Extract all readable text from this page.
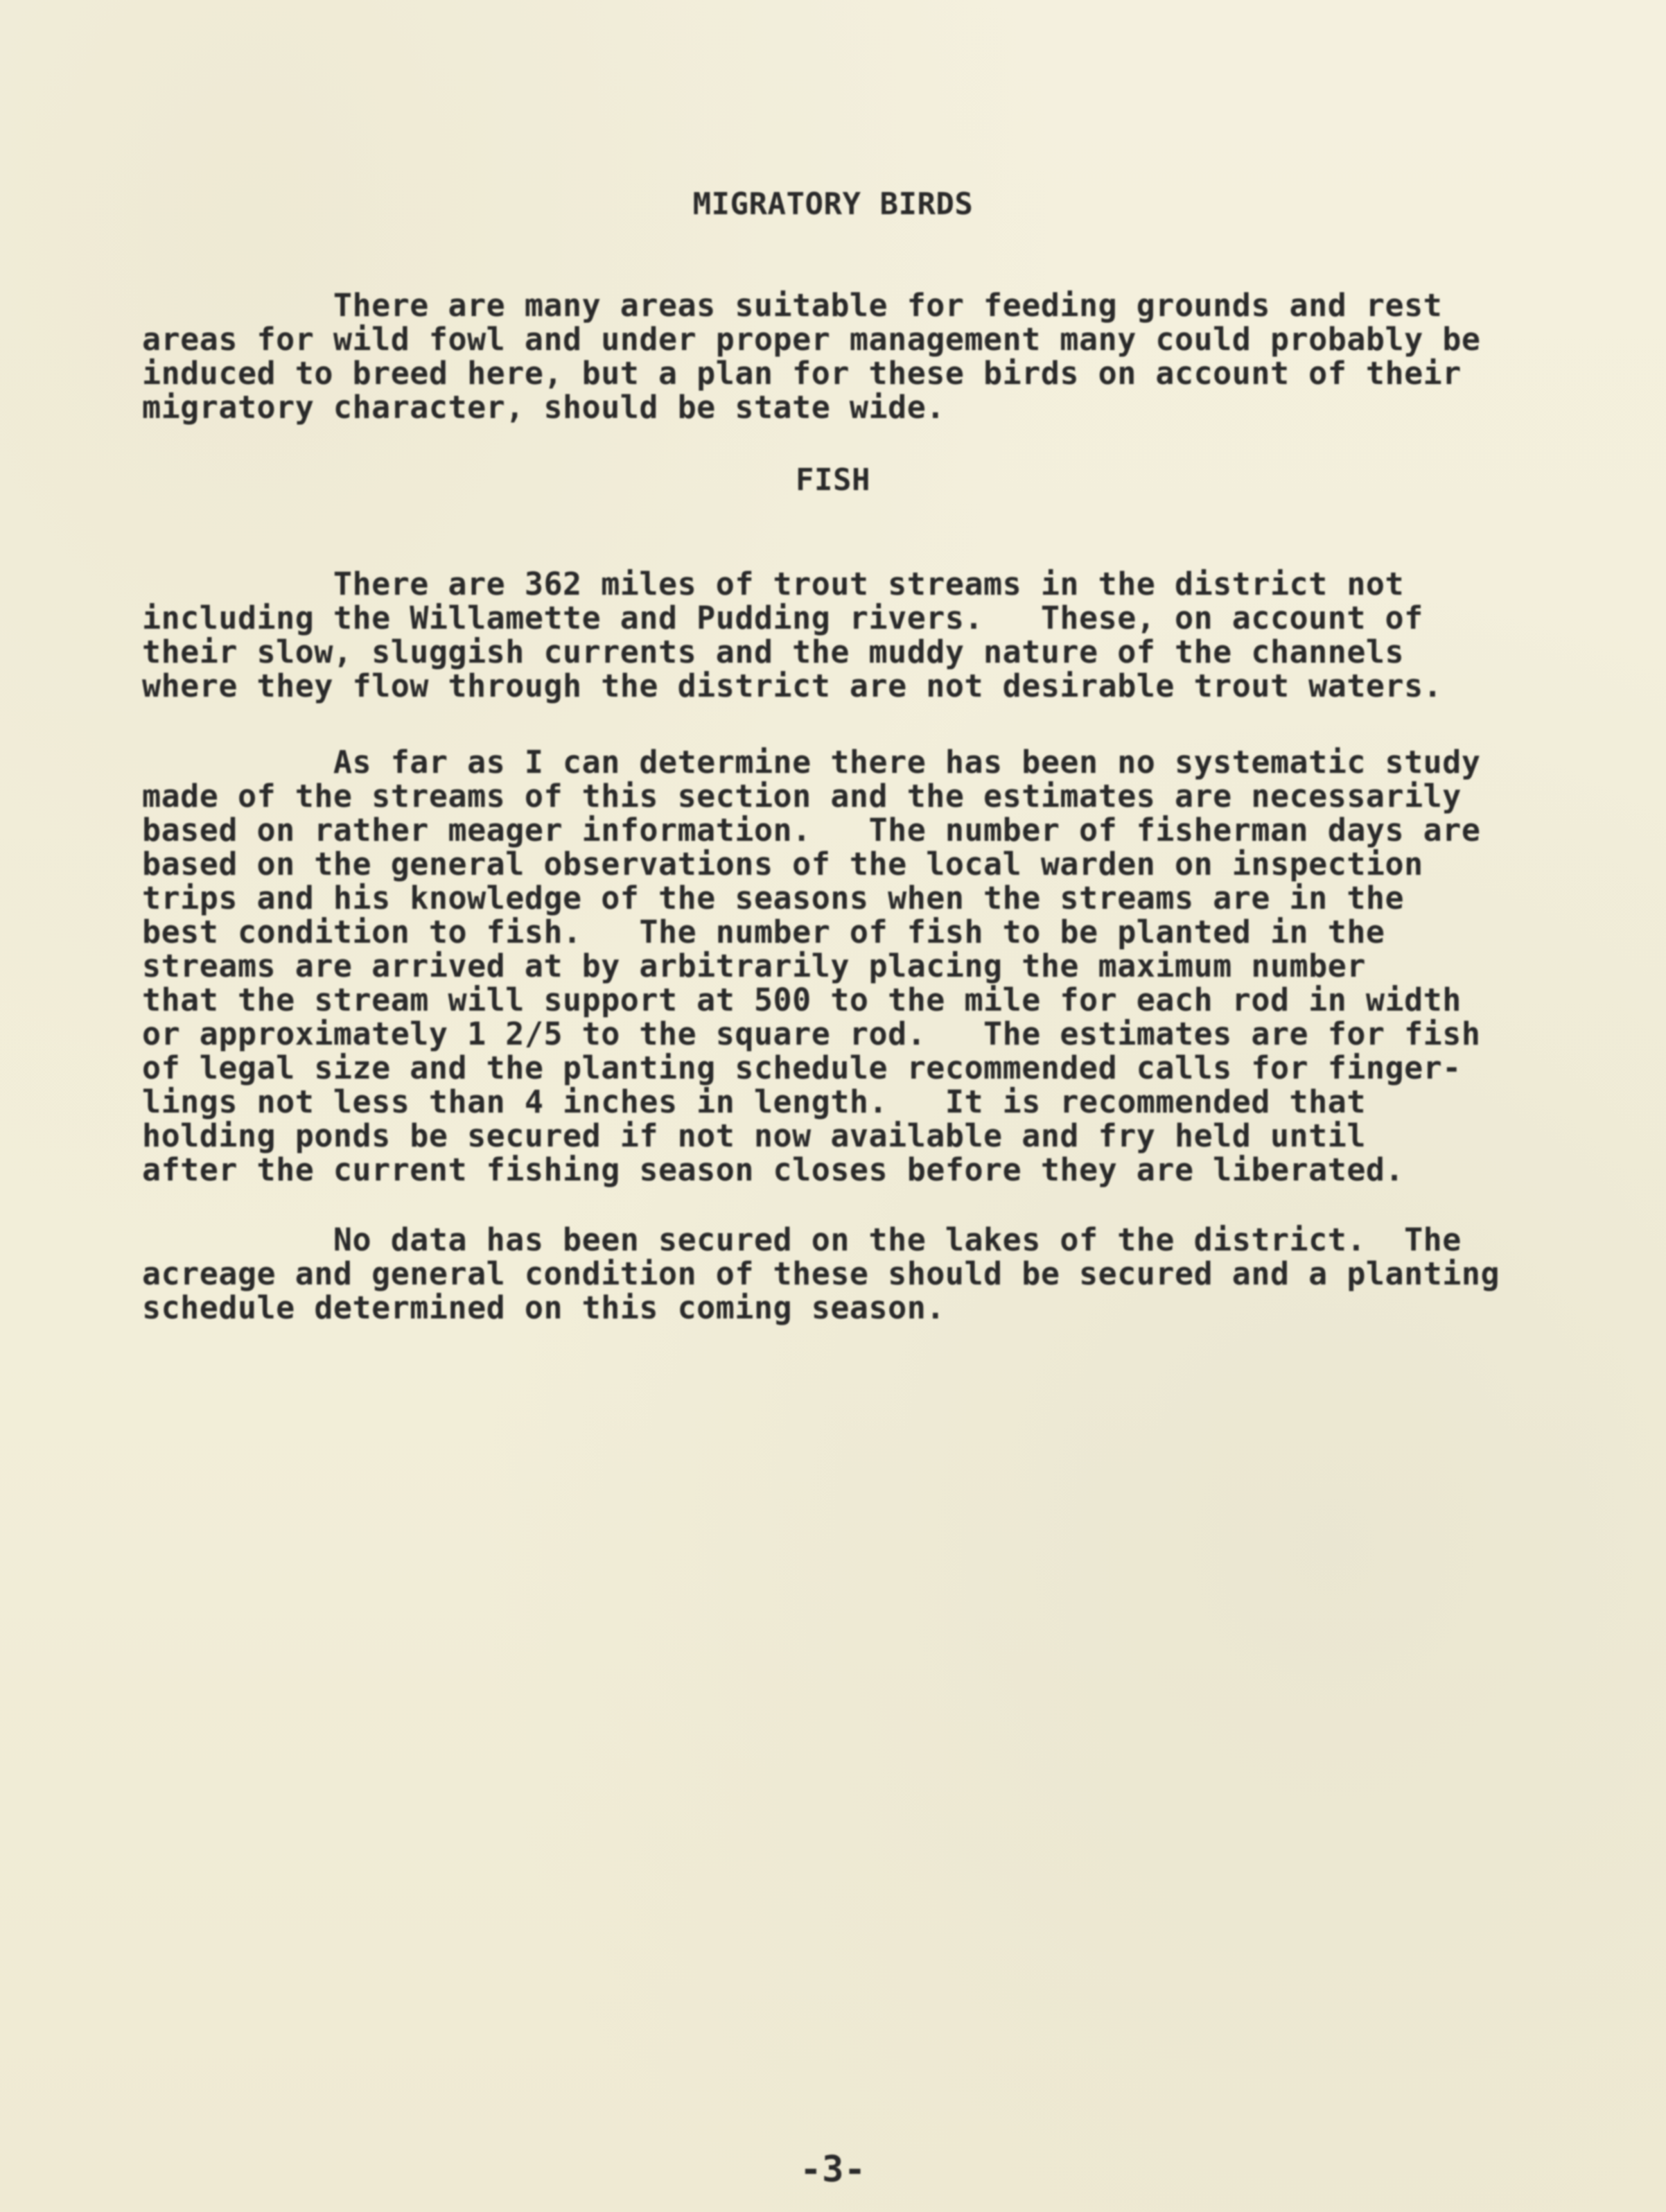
MIGRATORY BIRDS

There are many areas suitable for feeding grounds and rest
areas for wild fowl and under proper management many could probably be
induced to breed here, but a plan for these birds on account of their
migratory character, should be state wide.

FISH

There are 362 miles of trout streams in the district not
including the Willamette and Pudding rivers.   These, on account of
their slow, sluggish currents and the muddy nature of the channels
where they flow through the district are not desirable trout waters.

As far as I can determine there has been no systematic study
made of the streams of this section and the estimates are necessarily
based on rather meager information.   The number of fisherman days are
based on the general observations of the local warden on inspection
trips and his knowledge of the seasons when the streams are in the
best condition to fish.   The number of fish to be planted in the
streams are arrived at by arbitrarily placing the maximum number
that the stream will support at 500 to the mile for each rod in width
or approximately 1 2/5 to the square rod.   The estimates are for fish
of legal size and the planting schedule recommended calls for finger-
lings not less than 4 inches in length.   It is recommended that
holding ponds be secured if not now available and fry held until
after the current fishing season closes before they are liberated.

No data has been secured on the lakes of the district.  The
acreage and general condition of these should be secured and a planting
schedule determined on this coming season.

-3-
